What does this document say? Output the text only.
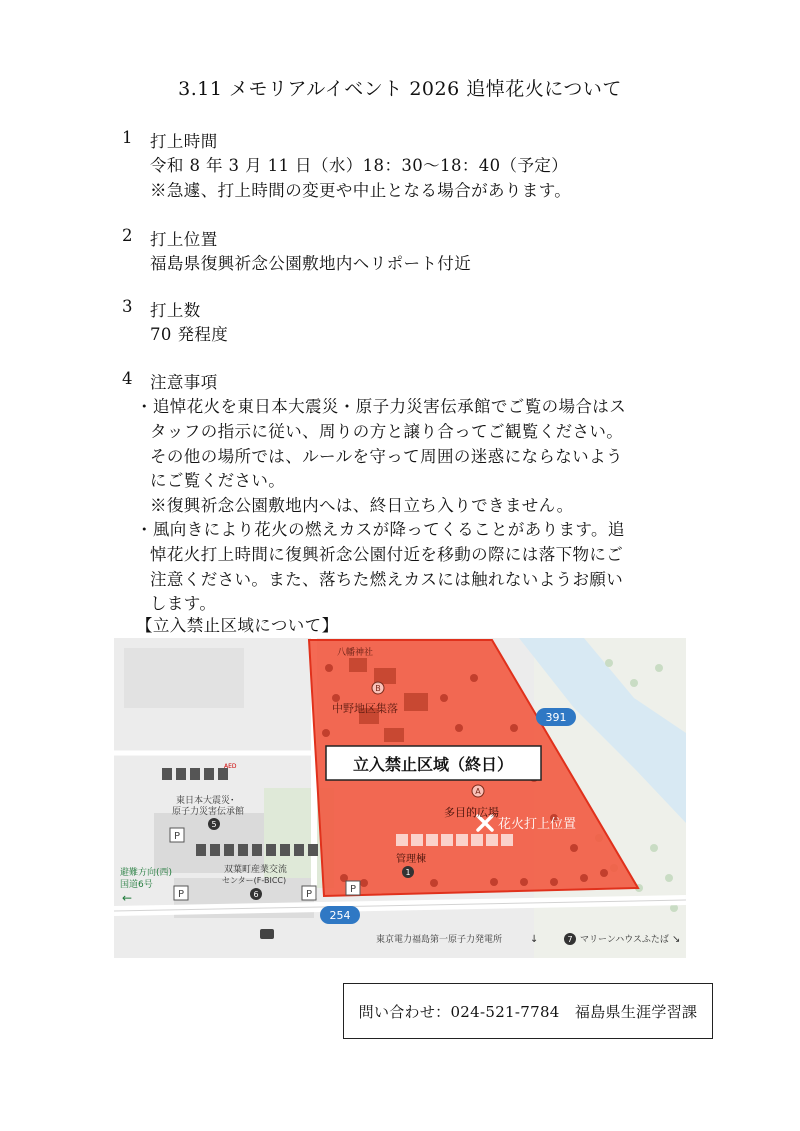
3.11 メモリアルイベント 2026 追悼花火について
1 打上時間
令和 8 年 3 月 11 日（水）18：30～18：40（予定）
※急遽、打上時間の変更や中止となる場合があります。
2 打上位置
福島県復興祈念公園敷地内ヘリポート付近
3 打上数
70 発程度
4 注意事項
・追悼花火を東日本大震災・原子力災害伝承館でご覧の場合はス
タッフの指示に従い、周りの方と譲り合ってご観覧ください。
その他の場所では、ルールを守って周囲の迷惑にならないよう
にご覧ください。
※復興祈念公園敷地内へは、終日立ち入りできません。
・風向きにより花火の燃えカスが降ってくることがあります。追
悼花火打上時間に復興祈念公園付近を移動の際には落下物にご
注意ください。また、落ちた燃えカスには触れないようお願い
します。
【立入禁止区域について】
立入禁止区域（終日）
花火打上位置
八幡神社
B
中野地区集落
A
多目的広場
管理棟
1
391
254
AED
東日本大震災･
原子力災害伝承館
5
双葉町産業交流
センター(F-BICC)
6
P
P	P	P
避難方向(西)
国道6号
←
東京電力福島第一原子力発電所	↓	7 マリーンハウスふたば ↘
問い合わせ：024-521-7784　福島県生涯学習課
